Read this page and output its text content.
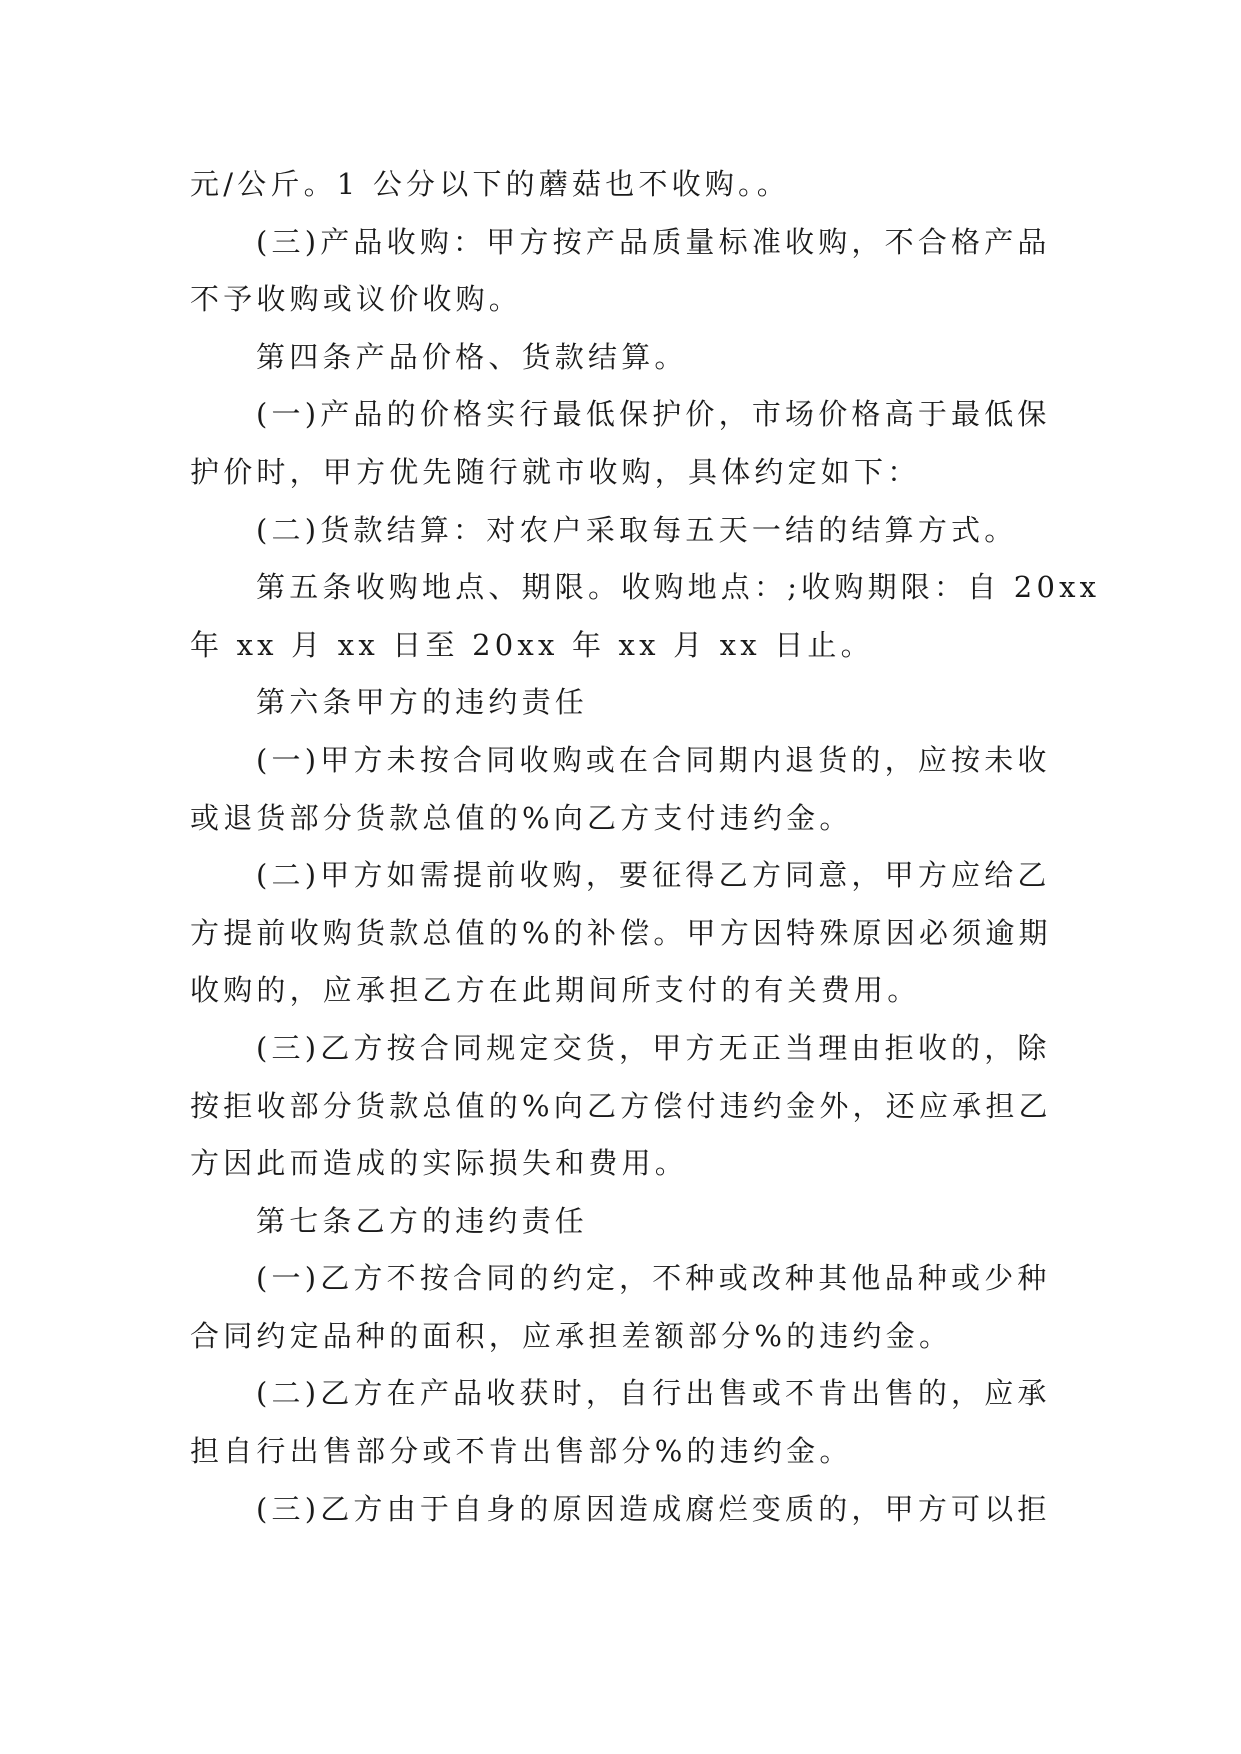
元/公斤。1 公分以下的蘑菇也不收购。。
(三)产品收购：甲方按产品质量标准收购，不合格产品
不予收购或议价收购。
第四条产品价格、货款结算。
(一)产品的价格实行最低保护价，市场价格高于最低保
护价时，甲方优先随行就市收购，具体约定如下：
(二)货款结算：对农户采取每五天一结的结算方式。
第五条收购地点、期限。收购地点：;收购期限：自 20xx
年 xx 月 xx 日至 20xx 年 xx 月 xx 日止。
第六条甲方的违约责任
(一)甲方未按合同收购或在合同期内退货的，应按未收
或退货部分货款总值的%向乙方支付违约金。
(二)甲方如需提前收购，要征得乙方同意，甲方应给乙
方提前收购货款总值的%的补偿。甲方因特殊原因必须逾期
收购的，应承担乙方在此期间所支付的有关费用。
(三)乙方按合同规定交货，甲方无正当理由拒收的，除
按拒收部分货款总值的%向乙方偿付违约金外，还应承担乙
方因此而造成的实际损失和费用。
第七条乙方的违约责任
(一)乙方不按合同的约定，不种或改种其他品种或少种
合同约定品种的面积，应承担差额部分%的违约金。
(二)乙方在产品收获时，自行出售或不肯出售的，应承
担自行出售部分或不肯出售部分%的违约金。
(三)乙方由于自身的原因造成腐烂变质的，甲方可以拒
